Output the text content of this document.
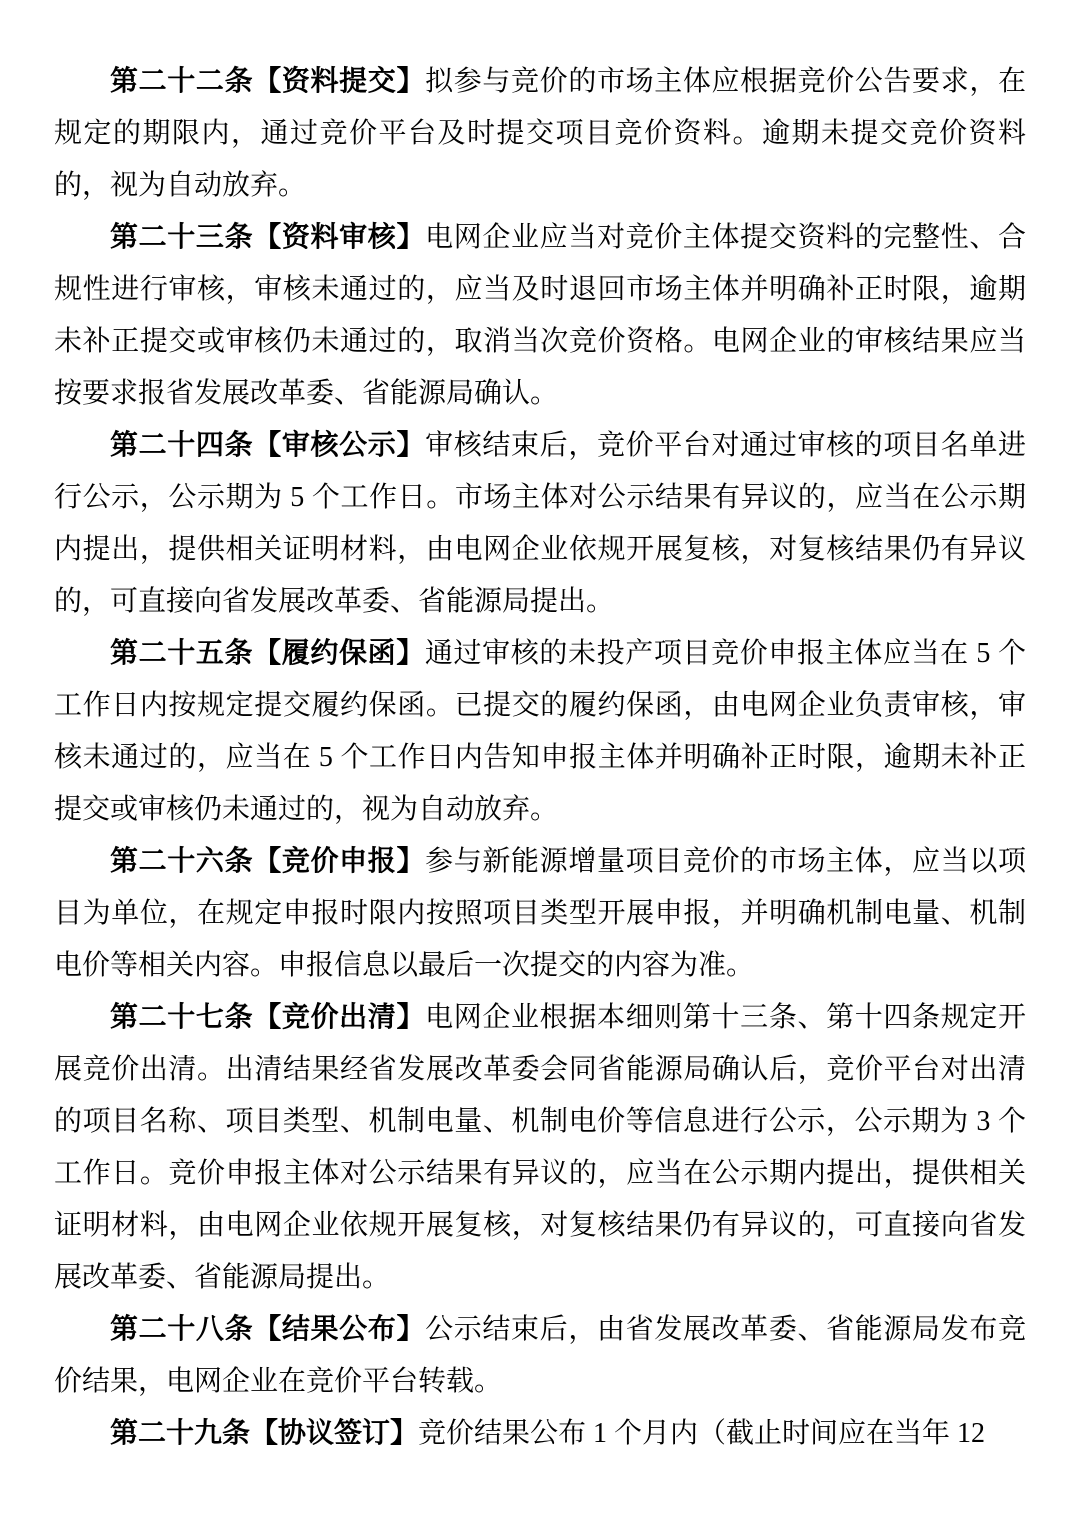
第二十二条【资料提交】拟参与竞价的市场主体应根据竞价公告要求，在规定的期限内，通过竞价平台及时提交项目竞价资料。逾期未提交竞价资料的，视为自动放弃。

第二十三条【资料审核】电网企业应当对竞价主体提交资料的完整性、合规性进行审核，审核未通过的，应当及时退回市场主体并明确补正时限，逾期未补正提交或审核仍未通过的，取消当次竞价资格。电网企业的审核结果应当按要求报省发展改革委、省能源局确认。

第二十四条【审核公示】审核结束后，竞价平台对通过审核的项目名单进行公示，公示期为 5 个工作日。市场主体对公示结果有异议的，应当在公示期内提出，提供相关证明材料，由电网企业依规开展复核，对复核结果仍有异议的，可直接向省发展改革委、省能源局提出。

第二十五条【履约保函】通过审核的未投产项目竞价申报主体应当在 5 个工作日内按规定提交履约保函。已提交的履约保函，由电网企业负责审核，审核未通过的，应当在 5 个工作日内告知申报主体并明确补正时限，逾期未补正提交或审核仍未通过的，视为自动放弃。

第二十六条【竞价申报】参与新能源增量项目竞价的市场主体，应当以项目为单位，在规定申报时限内按照项目类型开展申报，并明确机制电量、机制电价等相关内容。申报信息以最后一次提交的内容为准。

第二十七条【竞价出清】电网企业根据本细则第十三条、第十四条规定开展竞价出清。出清结果经省发展改革委会同省能源局确认后，竞价平台对出清的项目名称、项目类型、机制电量、机制电价等信息进行公示，公示期为 3 个工作日。竞价申报主体对公示结果有异议的，应当在公示期内提出，提供相关证明材料，由电网企业依规开展复核，对复核结果仍有异议的，可直接向省发展改革委、省能源局提出。

第二十八条【结果公布】公示结束后，由省发展改革委、省能源局发布竞价结果，电网企业在竞价平台转载。

第二十九条【协议签订】竞价结果公布 1 个月内（截止时间应在当年 12
